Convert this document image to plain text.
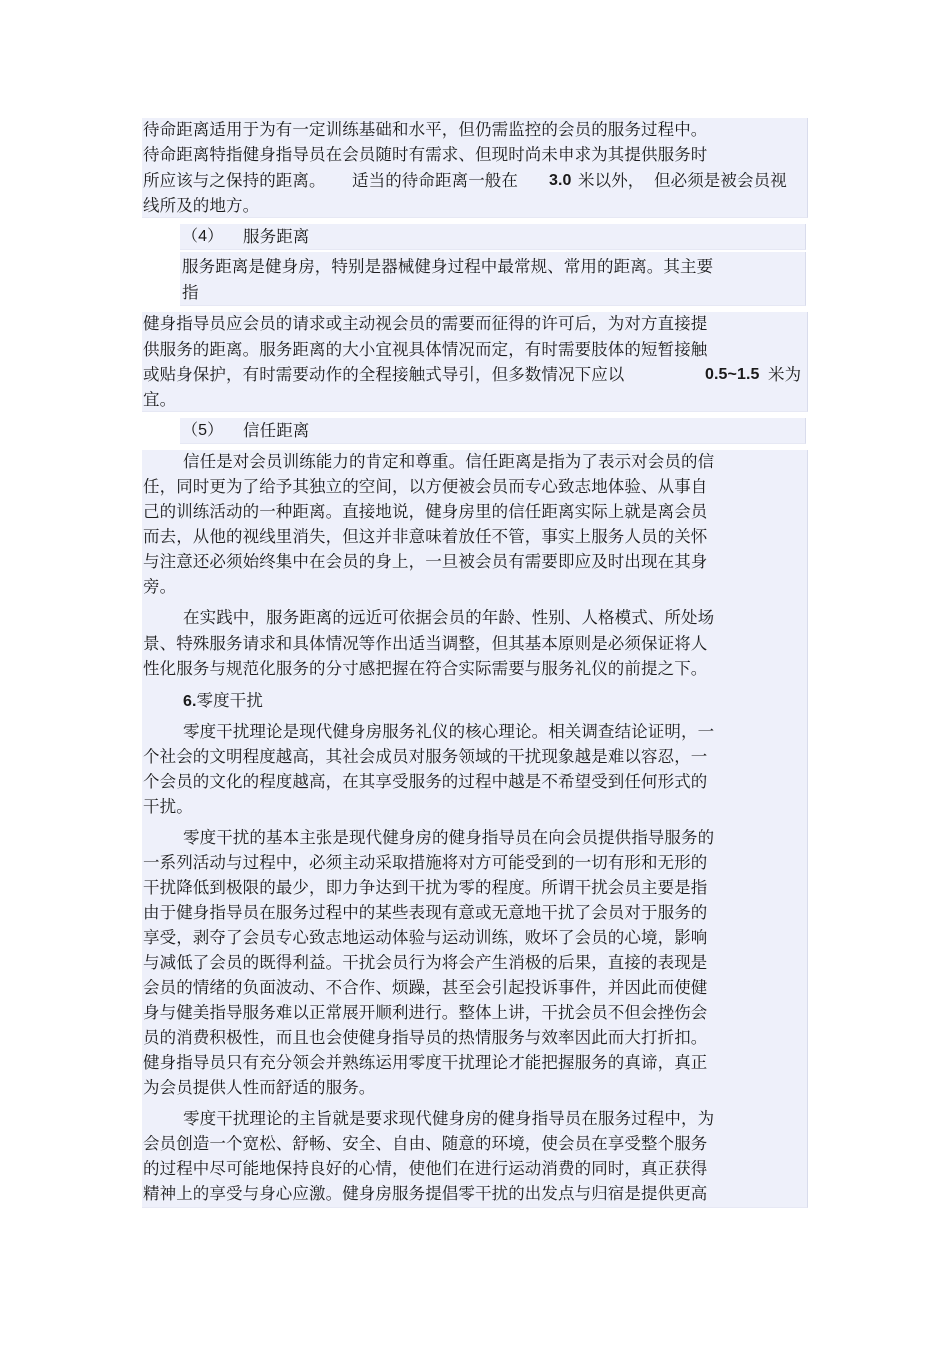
待命距离适用于为有一定训练基础和水平，但仍需监控的会员的服务过程中。
待命距离特指健身指导员在会员随时有需求、但现时尚未申求为其提供服务时
所应该与之保持的距离。 适当的待命距离一般在 3.0 米以外， 但必须是被会员视
线所及的地方。
（4） 服务距离
服务距离是健身房，特别是器械健身过程中最常规、常用的距离。其主要
指
健身指导员应会员的请求或主动视会员的需要而征得的许可后，为对方直接提
供服务的距离。服务距离的大小宜视具体情况而定，有时需要肢体的短暂接触
或贴身保护，有时需要动作的全程接触式导引，但多数情况下应以	0.5~1.5 米为
宜。
（5） 信任距离
信任是对会员训练能力的肯定和尊重。信任距离是指为了表示对会员的信
任，同时更为了给予其独立的空间，以方便被会员而专心致志地体验、从事自
己的训练活动的一种距离。直接地说，健身房里的信任距离实际上就是离会员
而去，从他的视线里消失，但这并非意味着放任不管，事实上服务人员的关怀
与注意还必须始终集中在会员的身上，一旦被会员有需要即应及时出现在其身
旁。
在实践中，服务距离的远近可依据会员的年龄、性别、人格模式、所处场
景、特殊服务请求和具体情况等作出适当调整，但其基本原则是必须保证将人
性化服务与规范化服务的分寸感把握在符合实际需要与服务礼仪的前提之下。
6.零度干扰
零度干扰理论是现代健身房服务礼仪的核心理论。相关调查结论证明，一
个社会的文明程度越高，其社会成员对服务领域的干扰现象越是难以容忍，一
个会员的文化的程度越高，在其享受服务的过程中越是不希望受到任何形式的
干扰。
零度干扰的基本主张是现代健身房的健身指导员在向会员提供指导服务的
一系列活动与过程中，必须主动采取措施将对方可能受到的一切有形和无形的
干扰降低到极限的最少，即力争达到干扰为零的程度。所谓干扰会员主要是指
由于健身指导员在服务过程中的某些表现有意或无意地干扰了会员对于服务的
享受，剥夺了会员专心致志地运动体验与运动训练，败坏了会员的心境，影响
与减低了会员的既得利益。干扰会员行为将会产生消极的后果，直接的表现是
会员的情绪的负面波动、不合作、烦躁，甚至会引起投诉事件，并因此而使健
身与健美指导服务难以正常展开顺利进行。整体上讲，干扰会员不但会挫伤会
员的消费积极性，而且也会使健身指导员的热情服务与效率因此而大打折扣。
健身指导员只有充分领会并熟练运用零度干扰理论才能把握服务的真谛，真正
为会员提供人性而舒适的服务。
零度干扰理论的主旨就是要求现代健身房的健身指导员在服务过程中，为
会员创造一个宽松、舒畅、安全、自由、随意的环境，使会员在享受整个服务
的过程中尽可能地保持良好的心情，使他们在进行运动消费的同时，真正获得
精神上的享受与身心应激。健身房服务提倡零干扰的出发点与归宿是提供更高
